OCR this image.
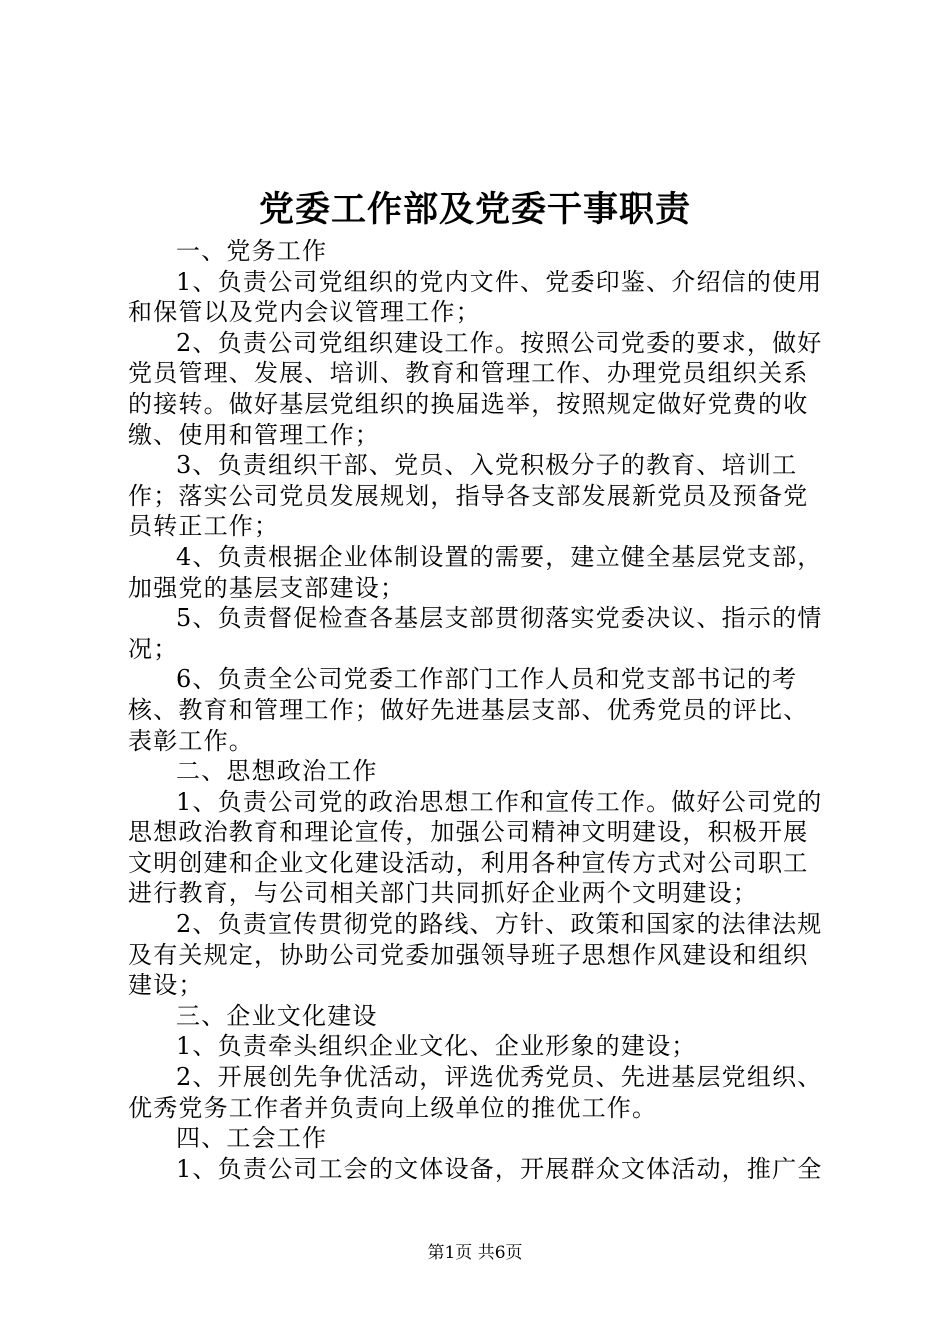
党委工作部及党委干事职责

一、党务工作

1、负责公司党组织的党内文件、党委印鉴、介绍信的使用和保管以及党内会议管理工作；

2、负责公司党组织建设工作。按照公司党委的要求，做好党员管理、发展、培训、教育和管理工作、办理党员组织关系的接转。做好基层党组织的换届选举，按照规定做好党费的收缴、使用和管理工作；

3、负责组织干部、党员、入党积极分子的教育、培训工作；落实公司党员发展规划，指导各支部发展新党员及预备党员转正工作；

4、负责根据企业体制设置的需要，建立健全基层党支部，加强党的基层支部建设；

5、负责督促检查各基层支部贯彻落实党委决议、指示的情况；

6、负责全公司党委工作部门工作人员和党支部书记的考核、教育和管理工作；做好先进基层支部、优秀党员的评比、表彰工作。

二、思想政治工作

1、负责公司党的政治思想工作和宣传工作。做好公司党的思想政治教育和理论宣传，加强公司精神文明建设，积极开展文明创建和企业文化建设活动，利用各种宣传方式对公司职工进行教育，与公司相关部门共同抓好企业两个文明建设；

2、负责宣传贯彻党的路线、方针、政策和国家的法律法规及有关规定，协助公司党委加强领导班子思想作风建设和组织建设；

三、企业文化建设

1、负责牵头组织企业文化、企业形象的建设；

2、开展创先争优活动，评选优秀党员、先进基层党组织、优秀党务工作者并负责向上级单位的推优工作。

四、工会工作

1、负责公司工会的文体设备，开展群众文体活动，推广全

第1页 共6页
